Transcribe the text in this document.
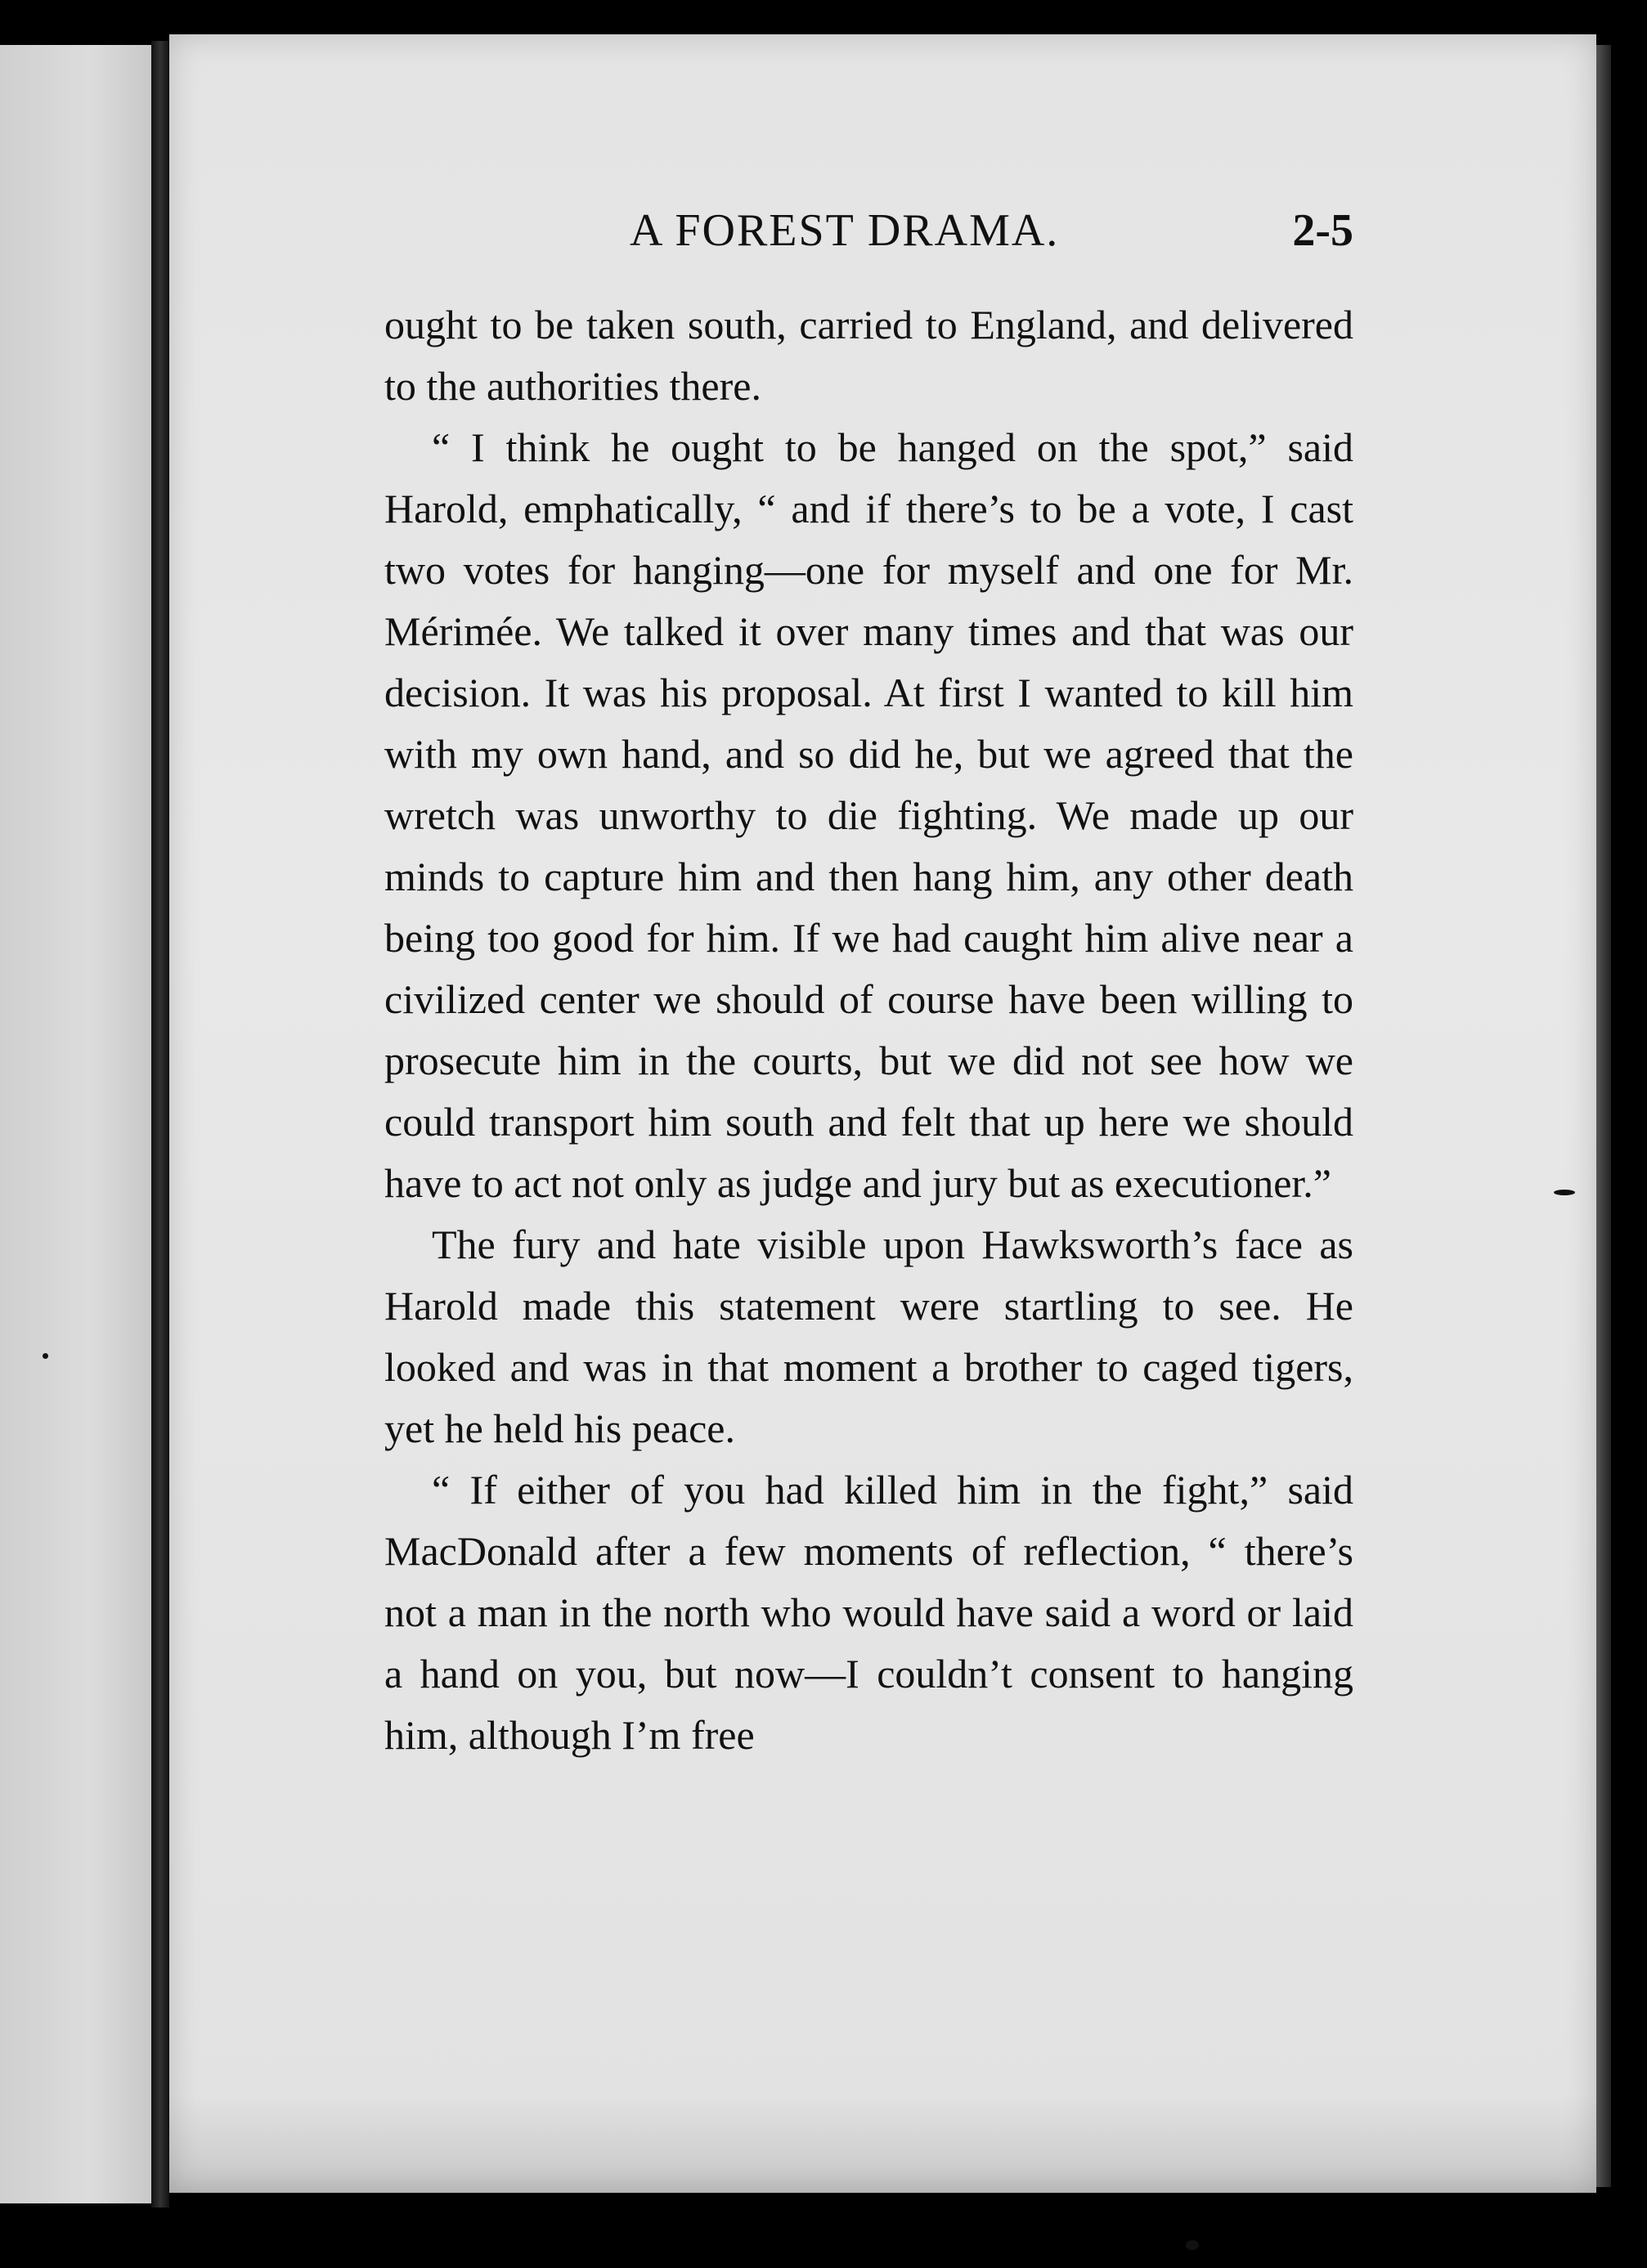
A FOREST DRAMA.	2-5

ought to be taken south, carried to England, and delivered to the authorities there.

“ I think he ought to be hanged on the spot,” said Harold, emphatically, “ and if there’s to be a vote, I cast two votes for hanging—one for myself and one for Mr. Mérimée. We talked it over many times and that was our decision. It was his proposal. At first I wanted to kill him with my own hand, and so did he, but we agreed that the wretch was unworthy to die fighting. We made up our minds to capture him and then hang him, any other death being too good for him. If we had caught him alive near a civilized center we should of course have been willing to prosecute him in the courts, but we did not see how we could transport him south and felt that up here we should have to act not only as judge and jury but as executioner.”

The fury and hate visible upon Hawksworth’s face as Harold made this statement were startling to see. He looked and was in that moment a brother to caged tigers, yet he held his peace.

“ If either of you had killed him in the fight,” said MacDonald after a few moments of reflection, “ there’s not a man in the north who would have said a word or laid a hand on you, but now—I couldn’t consent to hanging him, although I’m free
